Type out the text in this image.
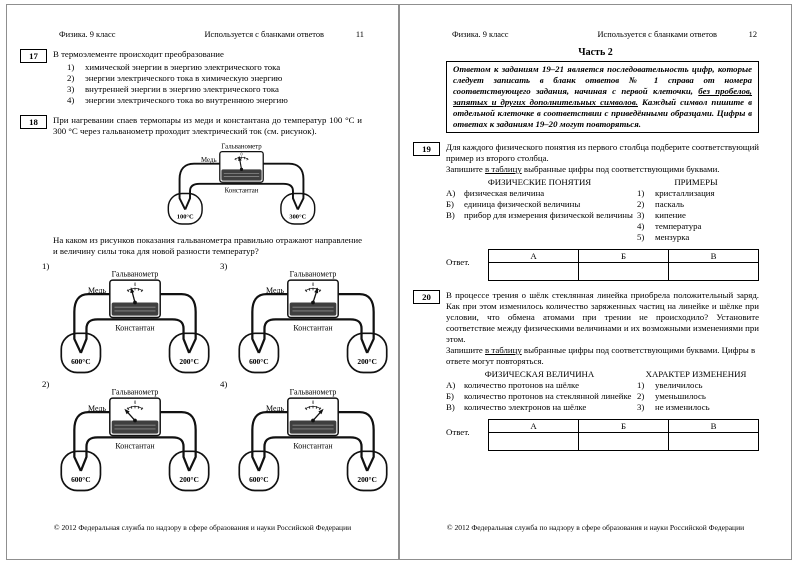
Физика. 9 класс	Используется с бланками ответов	11
17	В термоэлементе происходит преобразование
1)	химической энергии в энергию электрического тока
2)	энергии электрического тока в химическую энергию
3)	внутренней энергии в энергию электрического тока
4)	энергии электрического тока во внутреннюю энергию
18	При нагревании спаев термопары из меди и константана до температур 100 °С и 300 °С через гальванометр проходит электрический ток (см. рисунок).
Гальванометр
0
Медь
Константан
100°С	300°С
На каком из рисунков показания гальванометра правильно отражают направление и величину силы тока для новой разности температур?
1)
Гальванометр
0
Медь
Константан
600°С	200°С
3)
Гальванометр
0
Медь
Константан
600°С	200°С
2)
Гальванометр
0
Медь
Константан
600°С	200°С
4)
Гальванометр
0
Медь
Константан
600°С	200°С
© 2012 Федеральная служба по надзору в сфере образования и науки Российской Федерации
Физика. 9 класс	Используется с бланками ответов	12
Часть 2
Ответом к заданиям 19–21 является последовательность цифр, которые следует записать в бланк ответов № 1 справа от номера соответствующего задания, начиная с первой клеточки, без пробелов, запятых и других дополнительных символов. Каждый символ пишите в отдельной клеточке в соответствии с приведёнными образцами. Цифры в ответах к заданиям 19–20 могут повторяться.
19	Для каждого физического понятия из первого столбца подберите соответствующий пример из второго столбца.
Запишите в таблицу выбранные цифры под соответствующими буквами.
ФИЗИЧЕСКИЕ ПОНЯТИЯ
А) физическая величина
Б)	единица физической величины
В)	прибор для измерения физической величины
ПРИМЕРЫ
1)	кристаллизация
2)	паскаль
3)	кипение
4)	температура
5)	мензурка
Ответ.
А	Б	В

20	В процессе трения о шёлк стеклянная линейка приобрела положительный заряд. Как при этом изменилось количество заряженных частиц на линейке и шёлке при условии, что обмена атомами при трении не происходило? Установите соответствие между физическими величинами и их возможными изменениями при этом.
Запишите в таблицу выбранные цифры под соответствующими буквами. Цифры в ответе могут повторяться.
ФИЗИЧЕСКАЯ ВЕЛИЧИНА
А) количество протонов на шёлке
Б)	количество протонов на стеклянной линейке
В)	количество электронов на шёлке
ХАРАКТЕР ИЗМЕНЕНИЯ
1)	увеличилось
2)	уменьшилось
3)	не изменилось
Ответ.
А	Б	В

© 2012 Федеральная служба по надзору в сфере образования и науки Российской Федерации
